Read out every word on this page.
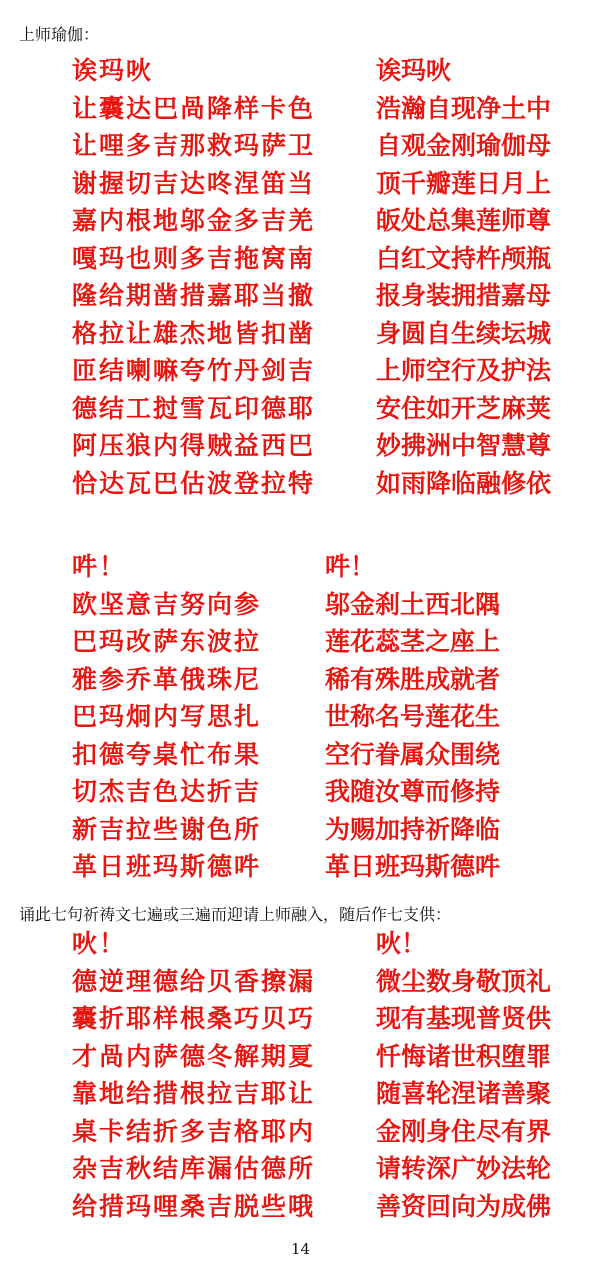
上师瑜伽：
诶玛吙
让囊达巴咼降样卡色
让哩多吉那救玛萨卫
谢握切吉达咚涅笛当
嘉内根地邬金多吉羌
嘎玛也则多吉拖窝南
隆给期凿措嘉耶当撤
格拉让雄杰地皆扣凿
匝结喇嘛夸竹丹剑吉
德结工挝雪瓦印德耶
阿压狼内得贼益西巴
恰达瓦巴估波登拉特
诶玛吙
浩瀚自现净土中
自观金刚瑜伽母
顶千瓣莲日月上
皈处总集莲师尊
白红文持杵颅瓶
报身装拥措嘉母
身圆自生续坛城
上师空行及护法
安住如开芝麻荚
妙拂洲中智慧尊
如雨降临融修依
吽！
欧坚意吉努向参
巴玛改萨东波拉
雅参乔革俄珠尼
巴玛炯内写思扎
扣德夸桌忙布果
切杰吉色达折吉
新吉拉些谢色所
革日班玛斯德吽
吽！
邬金刹土西北隅
莲花蕊茎之座上
稀有殊胜成就者
世称名号莲花生
空行眷属众围绕
我随汝尊而修持
为赐加持祈降临
革日班玛斯德吽
诵此七句祈祷文七遍或三遍而迎请上师融入，随后作七支供：
吙！
德逆理德给贝香擦漏
囊折耶样根桑巧贝巧
才咼内萨德冬解期夏
靠地给措根拉吉耶让
桌卡结折多吉格耶内
杂吉秋结库漏估德所
给措玛哩桑吉脱些哦
吙！
微尘数身敬顶礼
现有基现普贤供
忏悔诸世积堕罪
随喜轮涅诸善聚
金刚身住尽有界
请转深广妙法轮
善资回向为成佛
14
